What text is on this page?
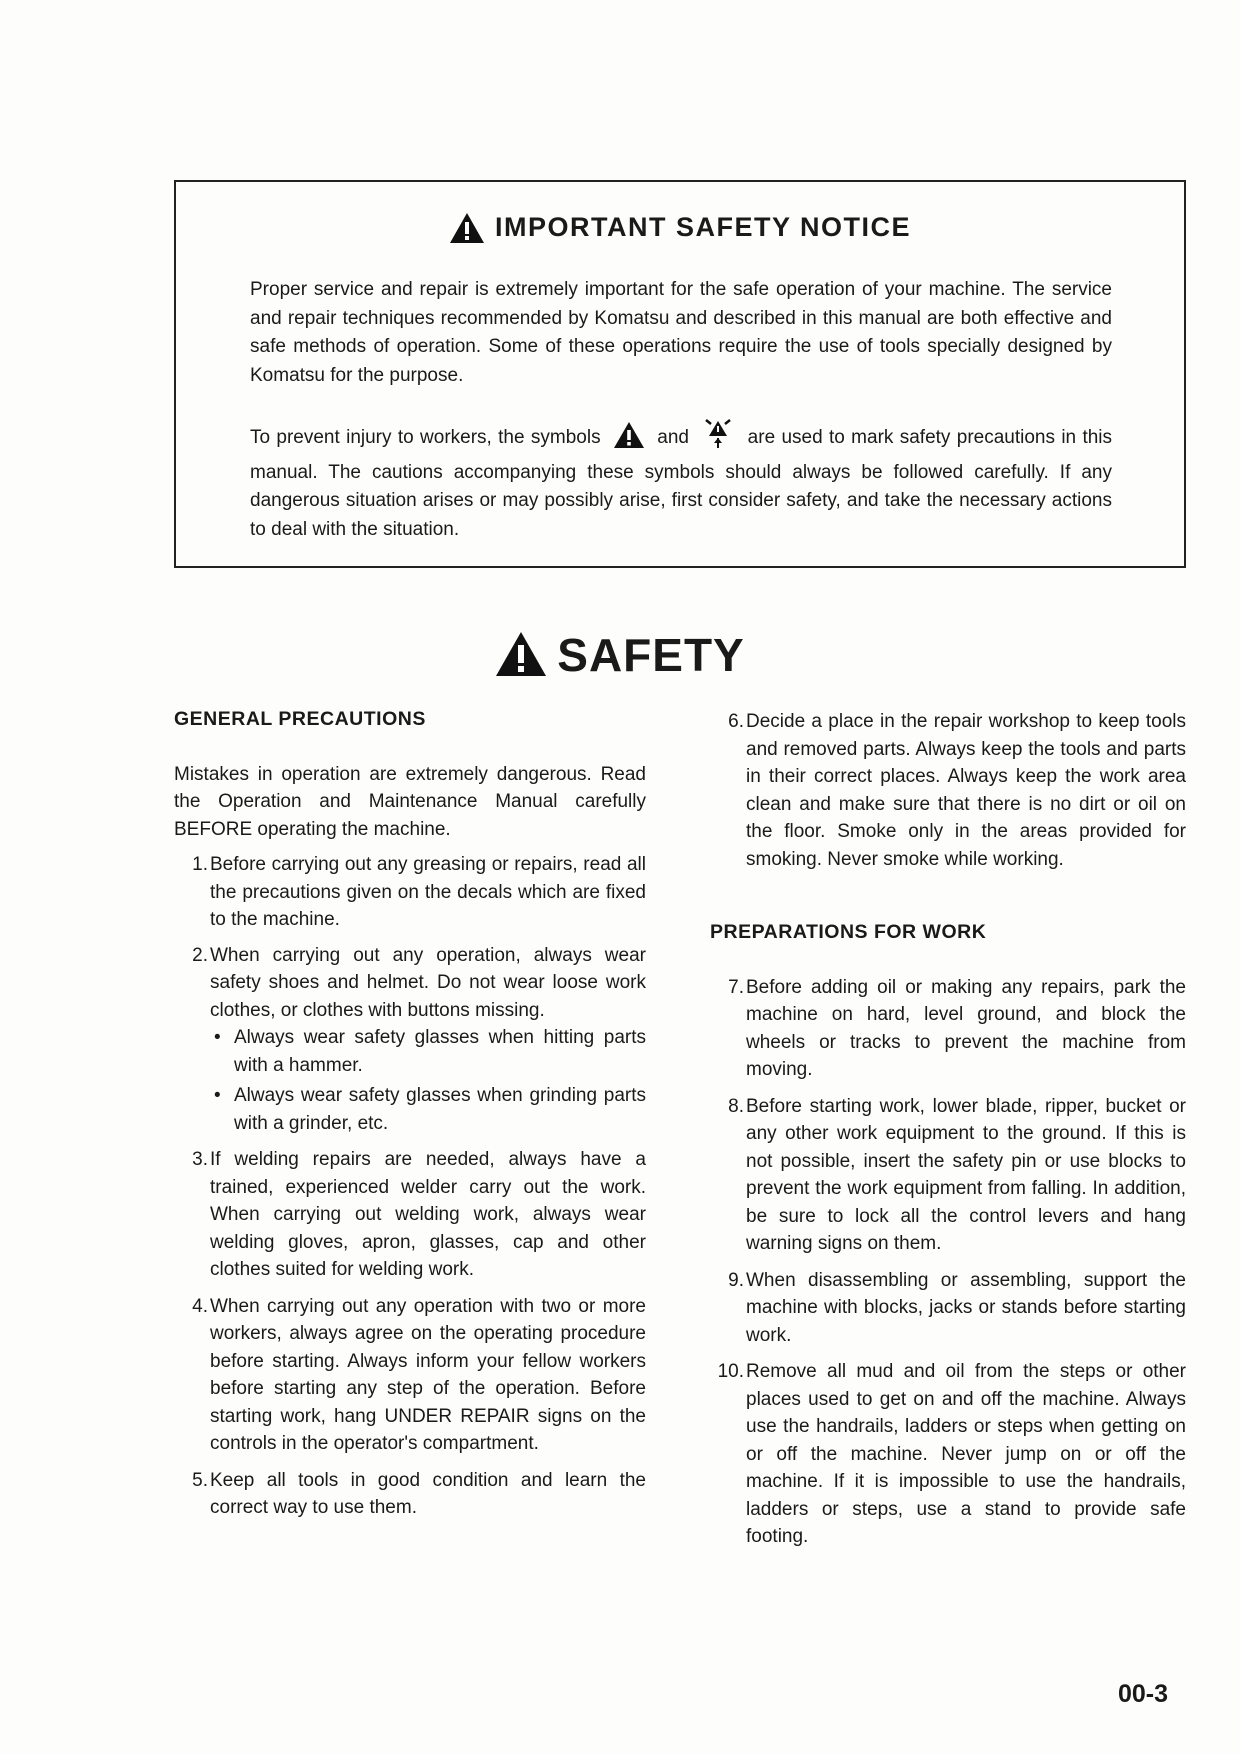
IMPORTANT SAFETY NOTICE
Proper service and repair is extremely important for the safe operation of your machine. The service and repair techniques recommended by Komatsu and described in this manual are both effective and safe methods of operation. Some of these operations require the use of tools specially designed by Komatsu for the purpose.
To prevent injury to workers, the symbols	and	are used to mark safety precautions in this manual. The cautions accompanying these symbols should always be followed carefully. If any dangerous situation arises or may possibly arise, first consider safety, and take the necessary actions to deal with the situation.
SAFETY
GENERAL PRECAUTIONS
Mistakes in operation are extremely dangerous. Read the Operation and Maintenance Manual carefully BEFORE operating the machine.
1. Before carrying out any greasing or repairs, read all the precautions given on the decals which are fixed to the machine.
2. When carrying out any operation, always wear safety shoes and helmet. Do not wear loose work clothes, or clothes with buttons missing.
• Always wear safety glasses when hitting parts with a hammer.
• Always wear safety glasses when grinding parts with a grinder, etc.
3. If welding repairs are needed, always have a trained, experienced welder carry out the work. When carrying out welding work, always wear welding gloves, apron, glasses, cap and other clothes suited for welding work.
4. When carrying out any operation with two or more workers, always agree on the operating procedure before starting. Always inform your fellow workers before starting any step of the operation. Before starting work, hang UNDER REPAIR signs on the controls in the operator's compartment.
5. Keep all tools in good condition and learn the correct way to use them.
6. Decide a place in the repair workshop to keep tools and removed parts. Always keep the tools and parts in their correct places. Always keep the work area clean and make sure that there is no dirt or oil on the floor. Smoke only in the areas provided for smoking. Never smoke while working.
PREPARATIONS FOR WORK
7. Before adding oil or making any repairs, park the machine on hard, level ground, and block the wheels or tracks to prevent the machine from moving.
8. Before starting work, lower blade, ripper, bucket or any other work equipment to the ground. If this is not possible, insert the safety pin or use blocks to prevent the work equipment from falling. In addition, be sure to lock all the control levers and hang warning signs on them.
9. When disassembling or assembling, support the machine with blocks, jacks or stands before starting work.
10. Remove all mud and oil from the steps or other places used to get on and off the machine. Always use the handrails, ladders or steps when getting on or off the machine. Never jump on or off the machine. If it is impossible to use the handrails, ladders or steps, use a stand to provide safe footing.
00-3
